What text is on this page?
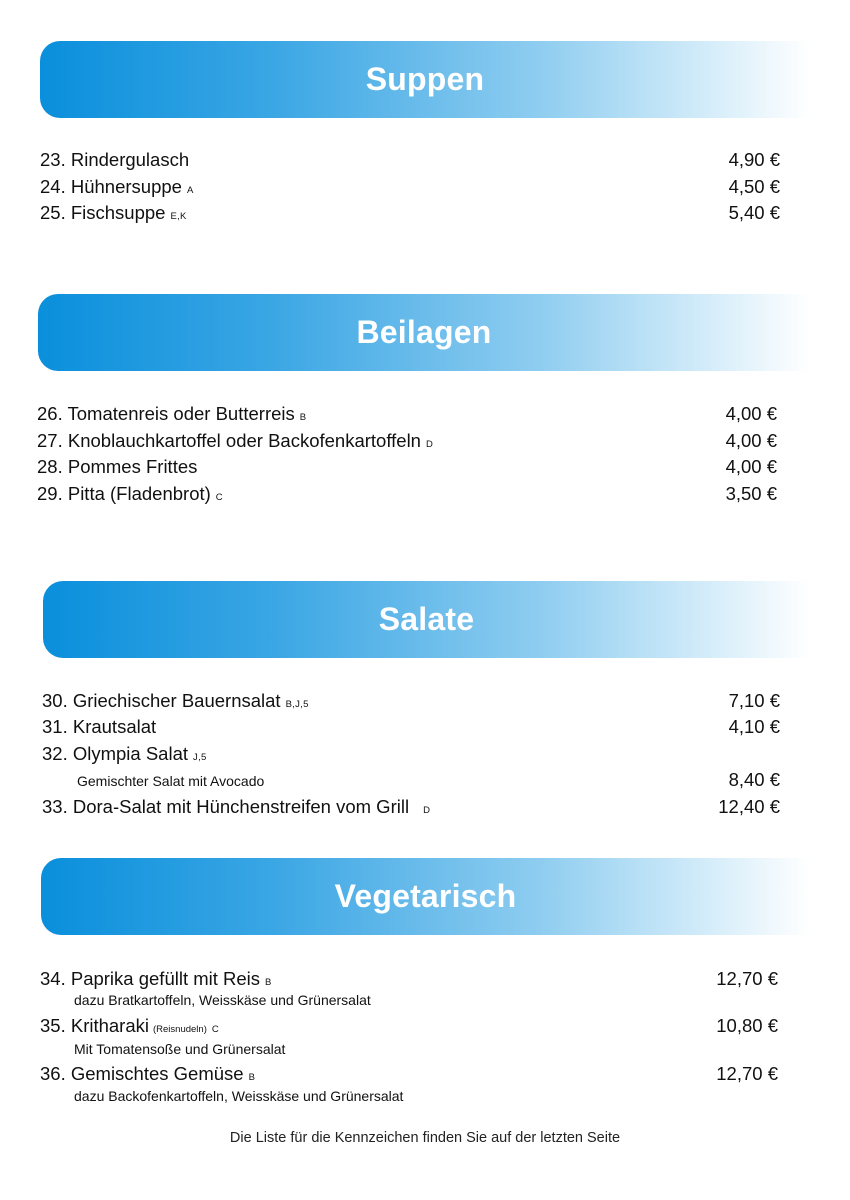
Suppen
23. Rindergulasch	4,90 €
24. Hühnersuppe A	4,50 €
25. Fischsuppe E,K	5,40 €
Beilagen
26. Tomatenreis oder Butterreis B	4,00 €
27. Knoblauchkartoffel oder Backofenkartoffeln D	4,00 €
28. Pommes Frittes	4,00 €
29. Pitta (Fladenbrot) C	3,50 €
Salate
30. Griechischer Bauernsalat B,J,5	7,10 €
31. Krautsalat	4,10 €
32. Olympia Salat J,5
Gemischter Salat mit Avocado	8,40 €
33. Dora-Salat mit Hünchenstreifen vom Grill D	12,40 €
Vegetarisch
34. Paprika gefüllt mit Reis B	12,70 €
dazu Bratkartoffeln, Weisskäse und Grünersalat
35. Kritharaki (Reisnudeln) C	10,80 €
Mit Tomatensoße und Grünersalat
36. Gemischtes Gemüse B	12,70 €
dazu Backofenkartoffeln, Weisskäse und Grünersalat
Die Liste für die Kennzeichen finden Sie auf der letzten Seite
